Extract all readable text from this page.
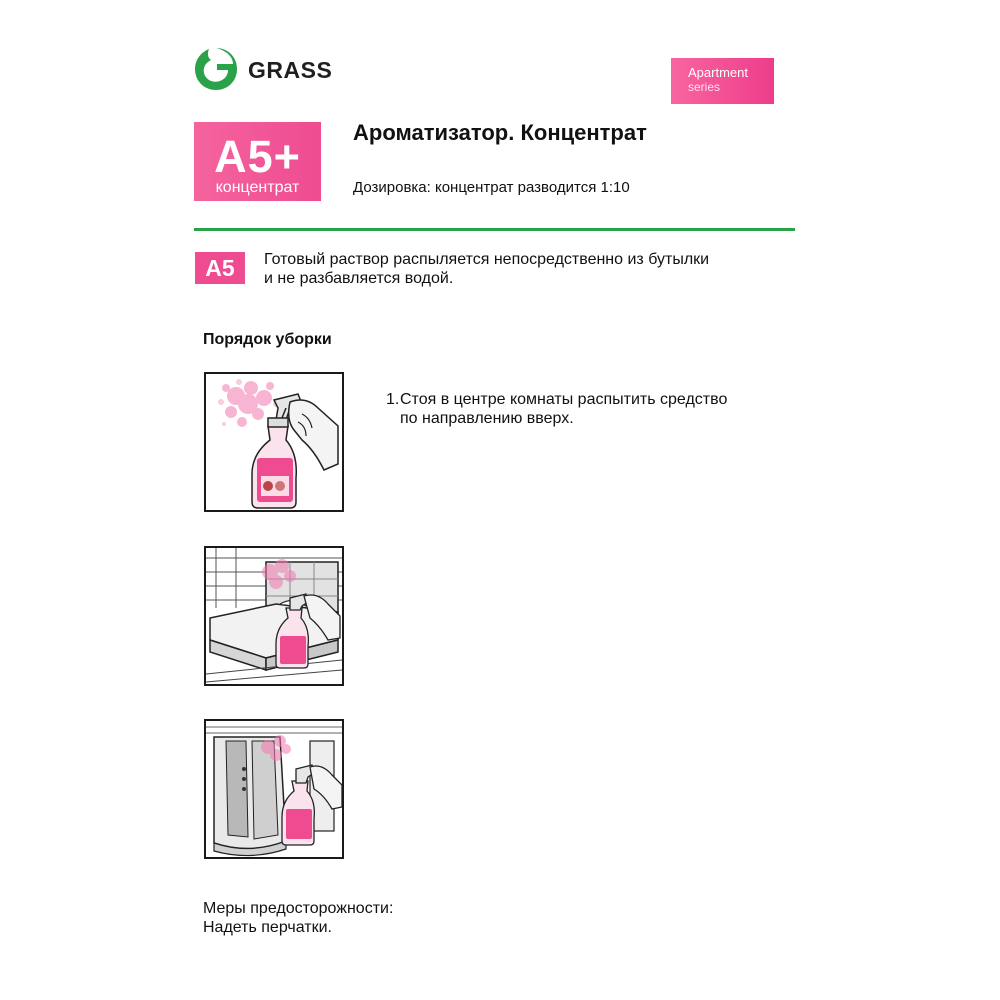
GRASS	Apartment
series
A5+
концентрат
Ароматизатор. Концентрат
Дозировка: концентрат разводится 1:10
A5	Готовый раствор распыляется непосредственно из бутылки
и не разбавляется водой.
Порядок уборки
1.Стоя в центре комнаты распытить средство
по направлению вверх.
Меры предосторожности:
Надеть перчатки.
